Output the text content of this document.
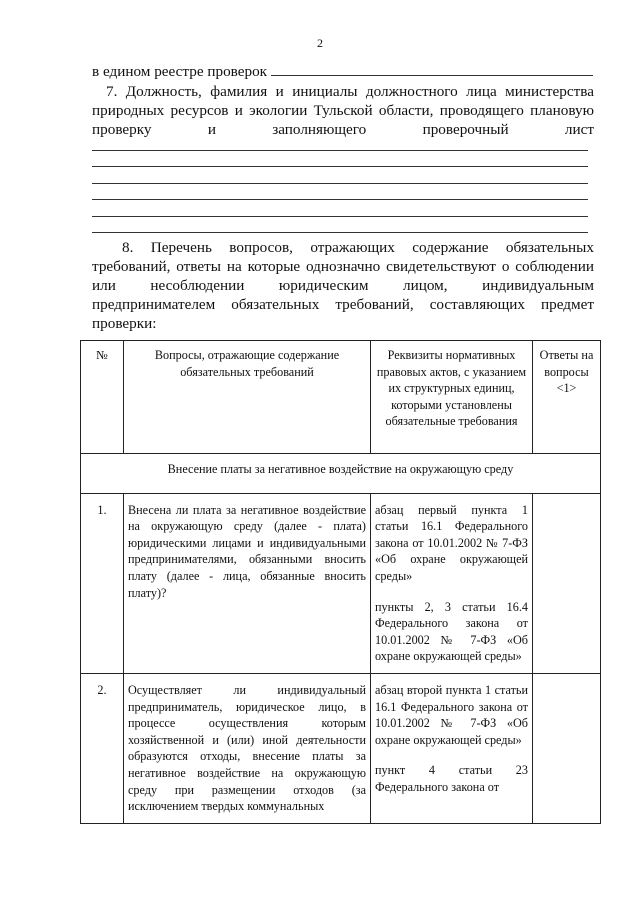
2
в едином реестре проверок
7. Должность, фамилия и инициалы должностного лица министерства
природных ресурсов и экологии Тульской области, проводящего плановую
проверку	и	заполняющего	проверочный	лист
8. Перечень вопросов, отражающих содержание обязательных
требований, ответы на которые однозначно свидетельствуют о соблюдении
или несоблюдении юридическим лицом, индивидуальным
предпринимателем обязательных требований, составляющих предмет
проверки:
№	Вопросы, отражающие содержание обязательных требований	Реквизиты нормативных правовых актов, с указанием их структурных единиц, которыми установлены обязательные требования	Ответы на вопросы <1>
Внесение платы за негативное воздействие на окружающую среду			
1.	Внесена ли плата за негативное воздействие на окружающую среду (далее - плата) юридическими лицами и индивидуальными предпринимателями, обязанными вносить плату (далее - лица, обязанные вносить плату)?	абзац первый пункта 1 статьи 16.1 Федерального закона от 10.01.2002 № 7-ФЗ «Об охране окружающей среды»

пункты 2, 3 статьи 16.4 Федерального закона от 10.01.2002 № 7-ФЗ «Об охране окружающей среды»	

2.	Осуществляет ли индивидуальный предприниматель, юридическое лицо, в процессе осуществления которым хозяйственной и (или) иной деятельности образуются отходы, внесение платы за негативное воздействие на окружающую среду при размещении отходов (за исключением твердых коммунальных	абзац второй пункта 1 статьи 16.1 Федерального закона от 10.01.2002 № 7-ФЗ «Об охране окружающей среды»

пункт 4 статьи 23 Федерального закона от	
